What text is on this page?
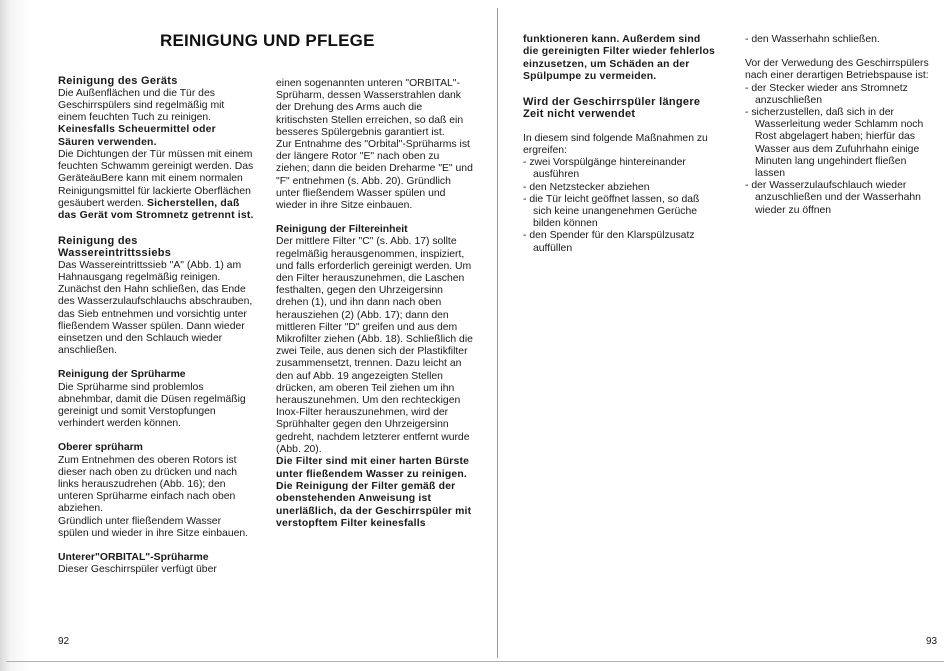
REINIGUNG UND PFLEGE

Reinigung des Geräts

Die Außenflächen und die Tür des Geschirrspülers sind regelmäßig mit einem feuchten Tuch zu reinigen.

Keinesfalls Scheuermittel oder Säuren verwenden.

Die Dichtungen der Tür müssen mit einem feuchten Schwamm gereinigt werden. Das GeräteäuBere kann mit einem normalen Reinigungsmittel für lackierte Oberflächen gesäubert werden. Sicherstellen, daß das Gerät vom Stromnetz getrennt ist.

Reinigung des Wassereintrittssiebs

Das Wassereintrittssieb "A" (Abb. 1) am Hahnausgang regelmäßig reinigen. Zunächst den Hahn schließen, das Ende des Wasserzulaufschlauchs abschrauben, das Sieb entnehmen und vorsichtig unter fließendem Wasser spülen. Dann wieder einsetzen und den Schlauch wieder anschließen.

Reinigung der Sprüharme

Die Sprüharme sind problemlos abnehmbar, damit die Düsen regelmäßig gereinigt und somit Verstopfungen verhindert werden können.

Oberer sprüharm

Zum Entnehmen des oberen Rotors ist dieser nach oben zu drücken und nach links herauszudrehen (Abb. 16); den unteren Sprüharme einfach nach oben abziehen.

Gründlich unter fließendem Wasser spülen und wieder in ihre Sitze einbauen.

Unterer"ORBITAL"-Sprüharme

Dieser Geschirrspüler verfügt über

einen sogenannten unteren "ORBITAL"-Sprüharm, dessen Wasserstrahlen dank der Drehung des Arms auch die kritischsten Stellen erreichen, so daß ein besseres Spülergebnis garantiert ist.

Zur Entnahme des "Orbital"-Sprüharms ist der längere Rotor "E" nach oben zu ziehen; dann die beiden Dreharme "E" und "F" entnehmen (s. Abb. 20). Gründlich unter fließendem Wasser spülen und wieder in ihre Sitze einbauen.

Reinigung der Filtereinheit

Der mittlere Filter "C" (s. Abb. 17) sollte regelmäßig herausgenommen, inspiziert, und falls erforderlich gereinigt werden. Um den Filter herauszunehmen, die Laschen festhalten, gegen den Uhrzeigersinn drehen (1), und ihn dann nach oben herausziehen (2) (Abb. 17); dann den mittleren Filter "D" greifen und aus dem Mikrofilter ziehen (Abb. 18). Schließlich die zwei Teile, aus denen sich der Plastikfilter zusammensetzt, trennen. Dazu leicht an den auf Abb. 19 angezeigten Stellen drücken, am oberen Teil ziehen um ihn herauszunehmen. Um den rechteckigen Inox-Filter herauszunehmen, wird der Sprühhalter gegen den Uhrzeigersinn gedreht, nachdem letzterer entfernt wurde (Abb. 20).

Die Filter sind mit einer harten Bürste unter fließendem Wasser zu reinigen.

Die Reinigung der Filter gemäß der obenstehenden Anweisung ist unerläßlich, da der Geschirrspüler mit verstopftem Filter keinesfalls

funktioneren kann. Außerdem sind die gereinigten Filter wieder fehlerlos einzusetzen, um Schäden an der Spülpumpe zu vermeiden.

Wird der Geschirrspüler längere Zeit nicht verwendet

In diesem sind folgende Maßnahmen zu ergreifen:

- zwei Vorspülgänge hintereinander ausführen

- den Netzstecker abziehen

- die Tür leicht geöffnet lassen, so daß sich keine unangenehmen Gerüche bilden können

- den Spender für den Klarspülzusatz auffüllen

- den Wasserhahn schließen.

Vor der Verwedung des Geschirrspülers nach einer derartigen Betriebspause ist:

- der Stecker wieder ans Stromnetz anzuschließen

- sicherzustellen, daß sich in der Wasserleitung weder Schlamm noch Rost abgelagert haben; hierfür das Wasser aus dem Zufuhrhahn einige Minuten lang ungehindert fließen lassen

- der Wasserzulaufschlauch wieder anzuschließen und der Wasserhahn wieder zu öffnen

92	93
